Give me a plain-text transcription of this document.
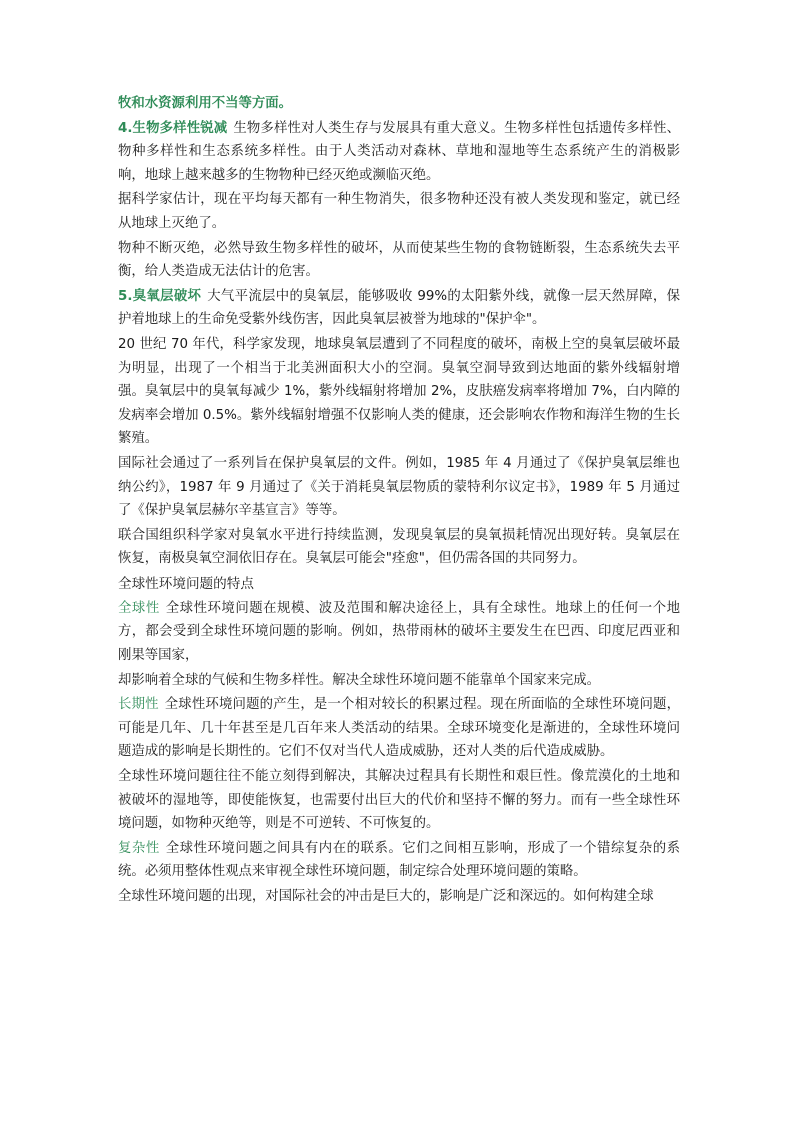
牧和水资源利用不当等方面。

4.生物多样性锐减 生物多样性对人类生存与发展具有重大意义。生物多样性包括遗传多样性、物种多样性和生态系统多样性。由于人类活动对森林、草地和湿地等生态系统产生的消极影响，地球上越来越多的生物物种已经灭绝或濒临灭绝。

据科学家估计，现在平均每天都有一种生物消失，很多物种还没有被人类发现和鉴定，就已经从地球上灭绝了。

物种不断灭绝，必然导致生物多样性的破坏，从而使某些生物的食物链断裂，生态系统失去平衡，给人类造成无法估计的危害。

5.臭氧层破坏 大气平流层中的臭氧层，能够吸收 99%的太阳紫外线，就像一层天然屏障，保护着地球上的生命免受紫外线伤害，因此臭氧层被誉为地球的"保护伞"。

20 世纪 70 年代，科学家发现，地球臭氧层遭到了不同程度的破坏，南极上空的臭氧层破坏最为明显，出现了一个相当于北美洲面积大小的空洞。臭氧空洞导致到达地面的紫外线辐射增强。臭氧层中的臭氧每减少 1%，紫外线辐射将增加 2%，皮肤癌发病率将增加 7%，白内障的发病率会增加 0.5%。紫外线辐射增强不仅影响人类的健康，还会影响农作物和海洋生物的生长繁殖。

国际社会通过了一系列旨在保护臭氧层的文件。例如，1985 年 4 月通过了《保护臭氧层维也纳公约》，1987 年 9 月通过了《关于消耗臭氧层物质的蒙特利尔议定书》，1989 年 5 月通过了《保护臭氧层赫尔辛基宣言》等等。

联合国组织科学家对臭氧水平进行持续监测，发现臭氧层的臭氧损耗情况出现好转。臭氧层在恢复，南极臭氧空洞依旧存在。臭氧层可能会"痊愈"，但仍需各国的共同努力。

全球性环境问题的特点

全球性 全球性环境问题在规模、波及范围和解决途径上，具有全球性。地球上的任何一个地方，都会受到全球性环境问题的影响。例如，热带雨林的破坏主要发生在巴西、印度尼西亚和刚果等国家，

却影响着全球的气候和生物多样性。解决全球性环境问题不能靠单个国家来完成。

长期性 全球性环境问题的产生，是一个相对较长的积累过程。现在所面临的全球性环境问题，可能是几年、几十年甚至是几百年来人类活动的结果。全球环境变化是渐进的，全球性环境问题造成的影响是长期性的。它们不仅对当代人造成威胁，还对人类的后代造成威胁。

全球性环境问题往往不能立刻得到解决，其解决过程具有长期性和艰巨性。像荒漠化的土地和被破坏的湿地等，即使能恢复，也需要付出巨大的代价和坚持不懈的努力。而有一些全球性环境问题，如物种灭绝等，则是不可逆转、不可恢复的。

复杂性 全球性环境问题之间具有内在的联系。它们之间相互影响，形成了一个错综复杂的系统。必须用整体性观点来审视全球性环境问题，制定综合处理环境问题的策略。

全球性环境问题的出现，对国际社会的冲击是巨大的，影响是广泛和深远的。如何构建全球
